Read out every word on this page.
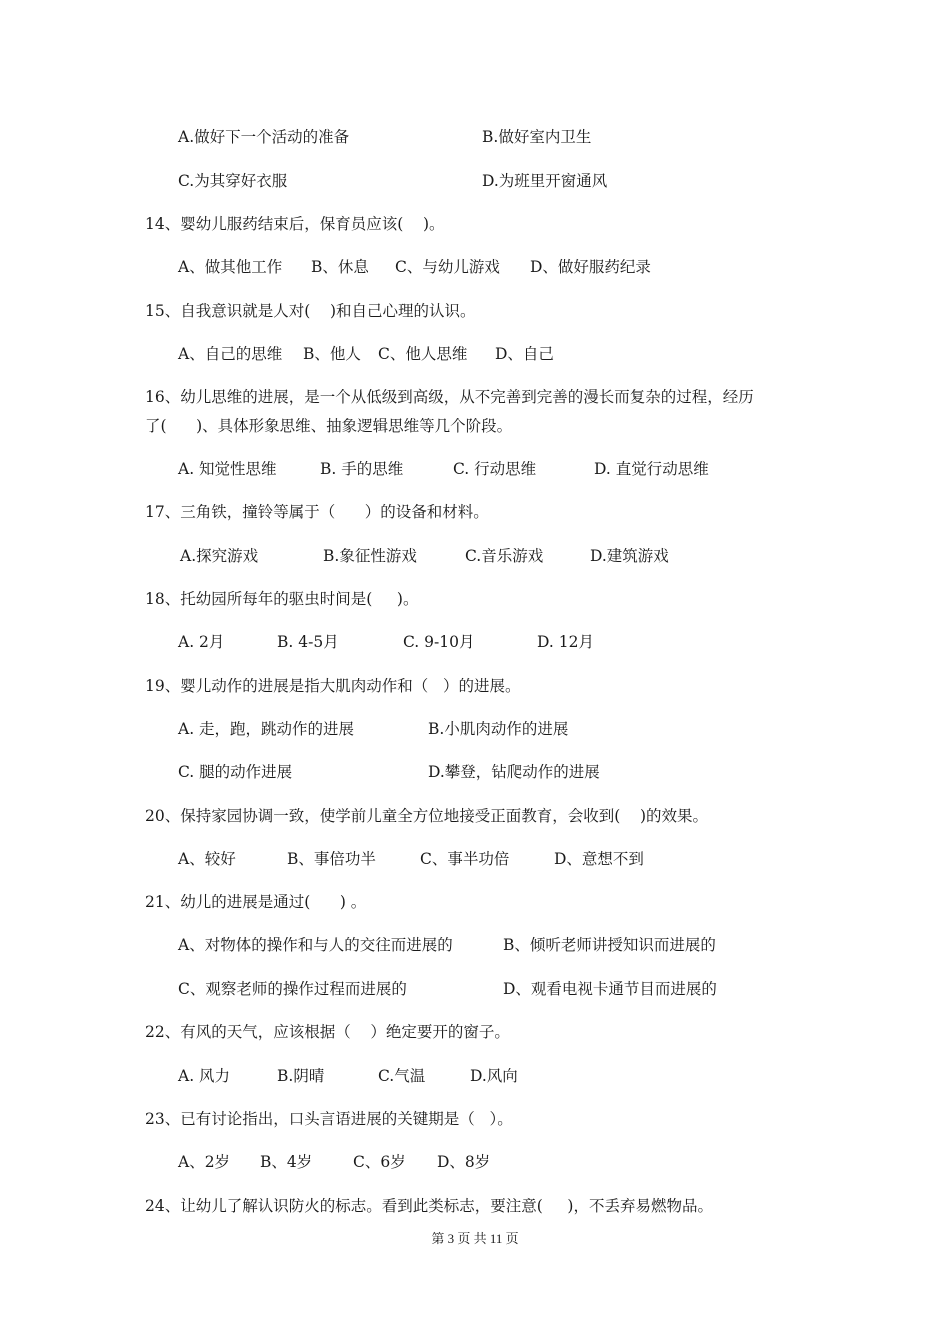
A.做好下一个活动的准备	B.做好室内卫生
C.为其穿好衣服	D.为班里开窗通风
14、婴幼儿服药结束后，保育员应该(    )。
A、做其他工作 B、休息 C、与幼儿游戏 D、做好服药纪录
15、自我意识就是人对(    )和自己心理的认识。
A、自己的思维 B、他人 C、他人思维 D、自己
16、幼儿思维的进展，是一个从低级到高级，从不完善到完善的漫长而复杂的过程，经历
了(      )、具体形象思维、抽象逻辑思维等几个阶段。
A. 知觉性思维	B. 手的思维	C. 行动思维	D. 直觉行动思维
17、三角铁，撞铃等属于（      ）的设备和材料。
A.探究游戏	B.象征性游戏	C.音乐游戏	D.建筑游戏
18、托幼园所每年的驱虫时间是(     )。
A. 2月	B. 4-5月	C. 9-10月	D. 12月
19、婴儿动作的进展是指大肌肉动作和（   ）的进展。
A. 走，跑，跳动作的进展	B.小肌肉动作的进展
C. 腿的动作进展	D.攀登，钻爬动作的进展
20、保持家园协调一致，使学前儿童全方位地接受正面教育，会收到(    )的效果。
A、较好	B、事倍功半	C、事半功倍	D、意想不到
21、幼儿的进展是通过(      ) 。
A、对物体的操作和与人的交往而进展的	B、倾听老师讲授知识而进展的
C、观察老师的操作过程而进展的	D、观看电视卡通节目而进展的
22、有风的天气，应该根据（    ）绝定要开的窗子。
A. 风力	B.阴晴	C.气温	D.风向
23、已有讨论指出，口头言语进展的关键期是（   ）。
A、2岁 B、4岁	C、6岁 D、8岁
24、让幼儿了解认识防火的标志。看到此类标志，要注意(     )，不丢弃易燃物品。
第 3 页 共 11 页
